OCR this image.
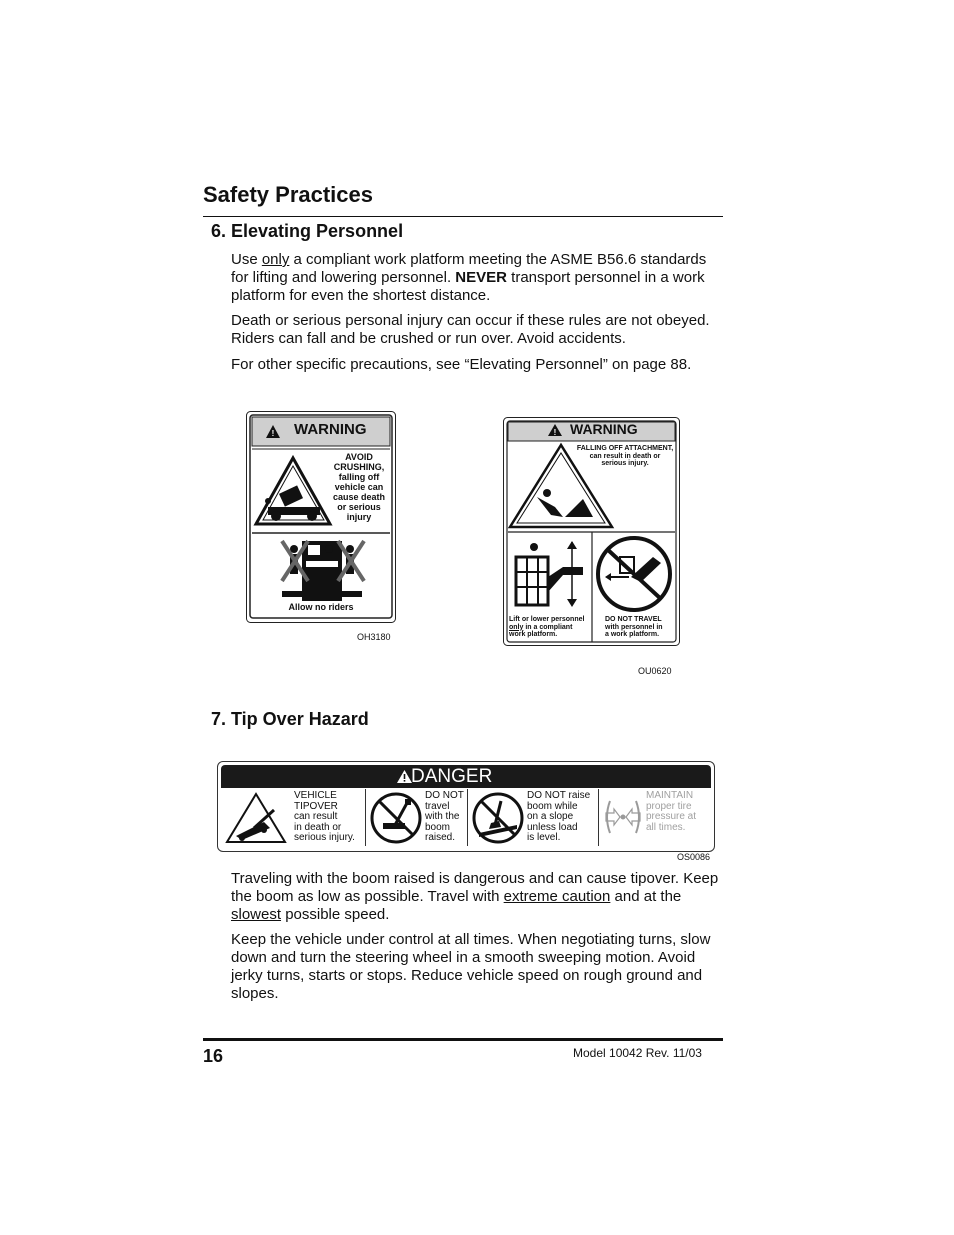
Safety Practices
6. Elevating Personnel
Use only a compliant work platform meeting the ASME B56.6 standards for lifting and lowering personnel. NEVER transport personnel in a work platform for even the shortest distance.
Death or serious personal injury can occur if these rules are not obeyed. Riders can fall and be crushed or run over. Avoid accidents.
For other specific precautions, see “Elevating Personnel” on page 88.
! WARNING
AVOID
CRUSHING,
falling off
vehicle can
cause death
or serious
injury
Allow no riders
OH3180
! WARNING
FALLING OFF ATTACHMENT,
can result in death or
serious injury.
Lift or lower personnel
only in a compliant
work platform.
DO NOT TRAVEL
with personnel in
a work platform.
OU0620
7. Tip Over Hazard
DANGER
VEHICLE
TIPOVER
can result
in death or
serious injury.
DO NOT
travel
with the
boom
raised.
DO NOT raise
boom while
on a slope
unless load
is level.
MAINTAIN
proper tire
pressure at
all times.
OS0086
Traveling with the boom raised is dangerous and can cause tipover. Keep the boom as low as possible. Travel with extreme caution and at the slowest possible speed.
Keep the vehicle under control at all times. When negotiating turns, slow down and turn the steering wheel in a smooth sweeping motion. Avoid jerky turns, starts or stops. Reduce vehicle speed on rough ground and slopes.
16	Model 10042 Rev. 11/03
